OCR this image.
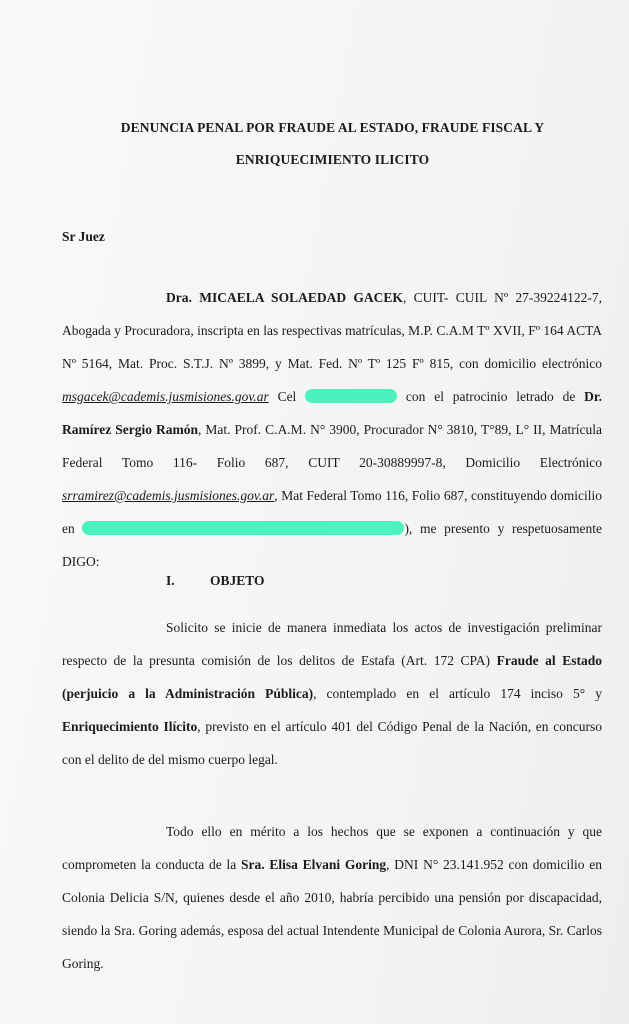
DENUNCIA PENAL POR FRAUDE AL ESTADO, FRAUDE FISCAL Y
ENRIQUECIMIENTO ILICITO
Sr Juez
Dra. MICAELA SOLAEDAD GACEK, CUIT- CUIL Nº 27-39224122-7, Abogada y Procuradora, inscripta en las respectivas matrículas, M.P. C.A.M Tº XVII, Fº 164 ACTA Nº 5164, Mat. Proc. S.T.J. Nº 3899, y Mat. Fed. Nº Tº 125 Fº 815, con domicilio electrónico msgacek@cademis.jusmisiones.gov.ar Cel	con el patrocinio letrado de Dr. Ramírez Sergio Ramón, Mat. Prof. C.A.M. N° 3900, Procurador N° 3810, T°89, L° II, Matrícula Federal Tomo 116- Folio 687, CUIT 20-30889997-8, Domicilio Electrónico srramirez@cademis.jusmisiones.gov.ar, Mat Federal Tomo 116, Folio 687, constituyendo domicilio en	), me presento y respetuosamente DIGO:
I.	OBJETO
Solicito se inicie de manera inmediata los actos de investigación preliminar respecto de la presunta comisión de los delitos de Estafa (Art. 172 CPA) Fraude al Estado (perjuicio a la Administración Pública), contemplado en el artículo 174 inciso 5° y Enriquecimiento Ilícito, previsto en el artículo 401 del Código Penal de la Nación, en concurso con el delito de del mismo cuerpo legal.
Todo ello en mérito a los hechos que se exponen a continuación y que comprometen la conducta de la Sra. Elisa Elvani Goring, DNI N° 23.141.952 con domicilio en Colonia Delicia S/N, quienes desde el año 2010, habría percibido una pensión por discapacidad, siendo la Sra. Goring además, esposa del actual Intendente Municipal de Colonia Aurora, Sr. Carlos Goring.
